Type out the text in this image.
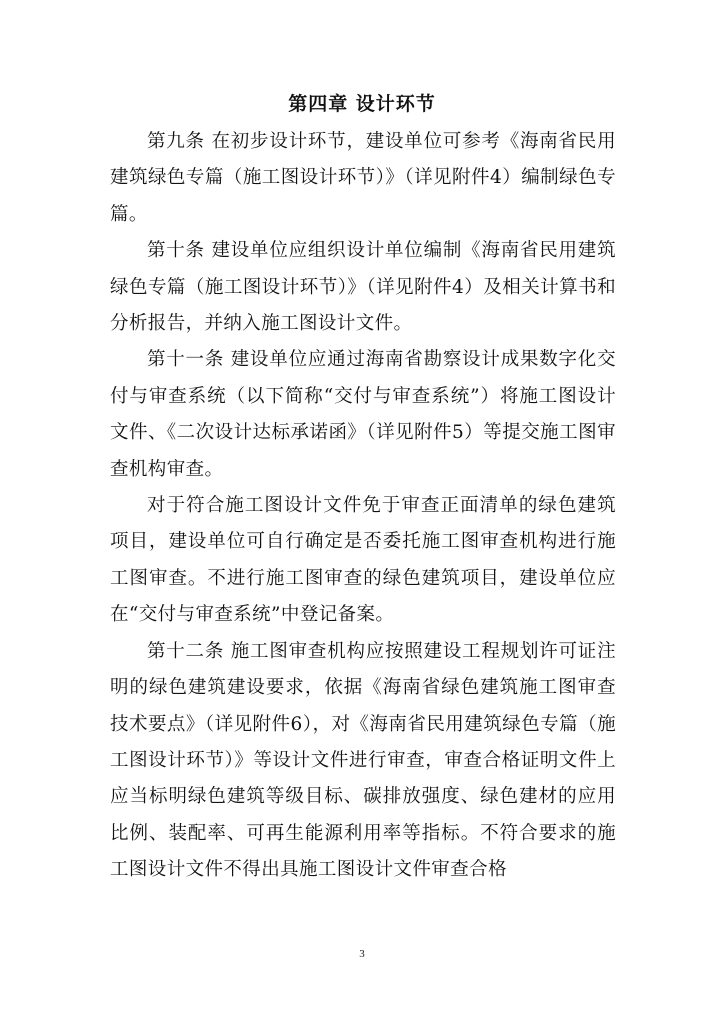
第四章 设计环节

第九条 在初步设计环节，建设单位可参考《海南省民用建筑绿色专篇（施工图设计环节）》（详见附件4）编制绿色专篇。

第十条 建设单位应组织设计单位编制《海南省民用建筑绿色专篇（施工图设计环节）》（详见附件4）及相关计算书和分析报告，并纳入施工图设计文件。

第十一条 建设单位应通过海南省勘察设计成果数字化交付与审查系统（以下简称“交付与审查系统”）将施工图设计文件、《二次设计达标承诺函》（详见附件5）等提交施工图审查机构审查。

对于符合施工图设计文件免于审查正面清单的绿色建筑项目，建设单位可自行确定是否委托施工图审查机构进行施工图审查。不进行施工图审查的绿色建筑项目，建设单位应在“交付与审查系统”中登记备案。

第十二条 施工图审查机构应按照建设工程规划许可证注明的绿色建筑建设要求，依据《海南省绿色建筑施工图审查技术要点》（详见附件6），对《海南省民用建筑绿色专篇（施工图设计环节）》等设计文件进行审查，审查合格证明文件上应当标明绿色建筑等级目标、碳排放强度、绿色建材的应用比例、装配率、可再生能源利用率等指标。不符合要求的施工图设计文件不得出具施工图设计文件审查合格

3
